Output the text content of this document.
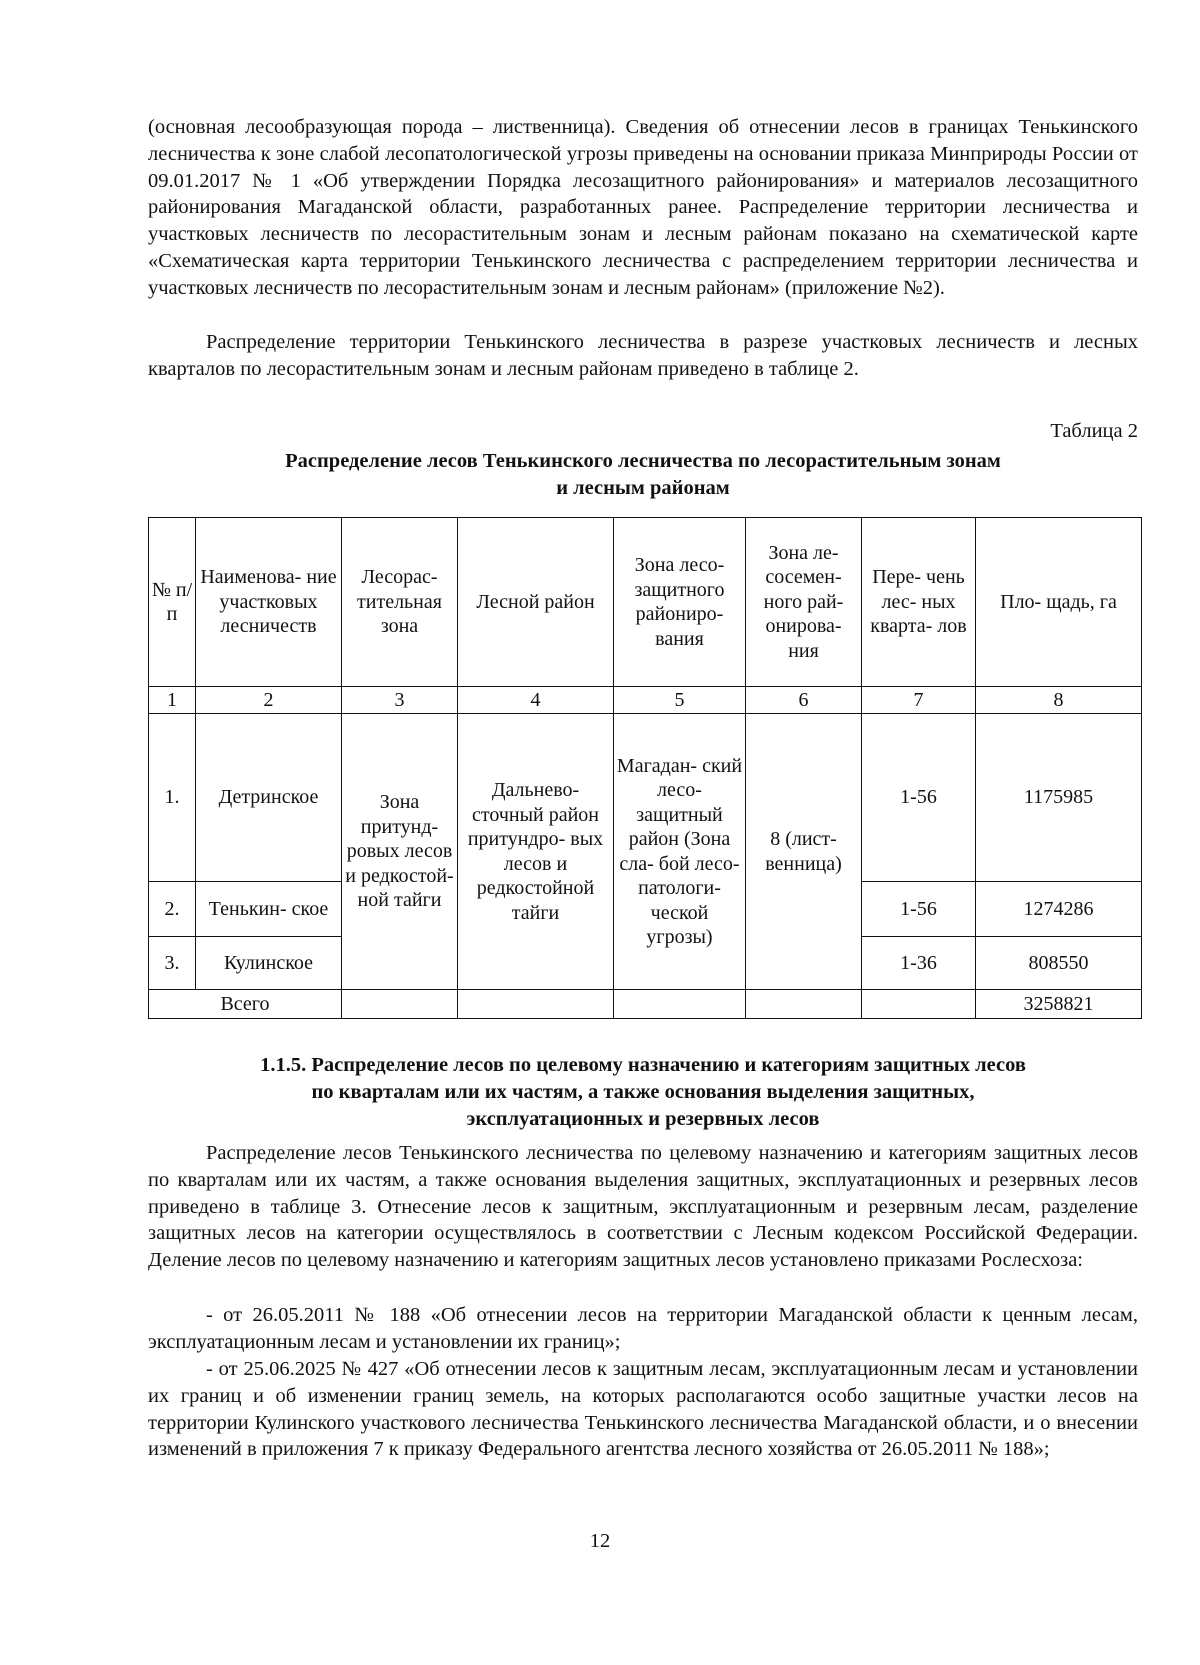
(основная лесообразующая порода – лиственница). Сведения об отнесении лесов в границах Тенькинского лесничества к зоне слабой лесопатологической угрозы приведены на основании приказа Минприроды России от 09.01.2017 № 1 «Об утверждении Порядка лесозащитного районирования» и материалов лесозащитного районирования Магаданской области, разработанных ранее. Распределение территории лесничества и участковых лесничеств по лесорастительным зонам и лесным районам показано на схематической карте «Схематическая карта территории Тенькинского лесничества с распределением территории лесничества и участковых лесничеств по лесорастительным зонам и лесным районам» (приложение №2).

Распределение территории Тенькинского лесничества в разрезе участковых лесничеств и лесных кварталов по лесорастительным зонам и лесным районам приведено в таблице 2.

Таблица 2

Распределение лесов Тенькинского лесничества по лесорастительным зонам
и лесным районам
№ п/ п	Наименова- ние участковых лесничеств	Лесорас- тительная зона	Лесной район	Зона лесо- защитного райониро- вания	Зона ле- сосемен- ного рай- онирова- ния	Пере- чень лес- ных кварта- лов	Пло- щадь, га
1	2	3	4	5	6	7	8
1.	Детринское	Зона притунд- ровых лесов и редкостой- ной тайги	Дальнево- сточный район притундро- вых лесов и редкостойной тайги	Магадан- ский лесо- защитный район (Зона сла- бой лесо- патологи- ческой угрозы)	8 (лист- венница)	1-56	1175985
2.	Тенькин- ское					1-56	1274286
3.	Кулинское					1-36	808550
Всего							3258821
1.1.5. Распределение лесов по целевому назначению и категориям защитных лесов
по кварталам или их частям, а также основания выделения защитных,
эксплуатационных и резервных лесов

Распределение лесов Тенькинского лесничества по целевому назначению и категориям защитных лесов по кварталам или их частям, а также основания выделения защитных, эксплуатационных и резервных лесов приведено в таблице 3. Отнесение лесов к защитным, эксплуатационным и резервным лесам, разделение защитных лесов на категории осуществлялось в соответствии с Лесным кодексом Российской Федерации. Деление лесов по целевому назначению и категориям защитных лесов установлено приказами Рослесхоза:

- от 26.05.2011 № 188 «Об отнесении лесов на территории Магаданской области к ценным лесам, эксплуатационным лесам и установлении их границ»;

- от 25.06.2025 № 427 «Об отнесении лесов к защитным лесам, эксплуатационным лесам и установлении их границ и об изменении границ земель, на которых располагаются особо защитные участки лесов на территории Кулинского участкового лесничества Тенькинского лесничества Магаданской области, и о внесении изменений в приложения 7 к приказу Федерального агентства лесного хозяйства от 26.05.2011 № 188»;

12
